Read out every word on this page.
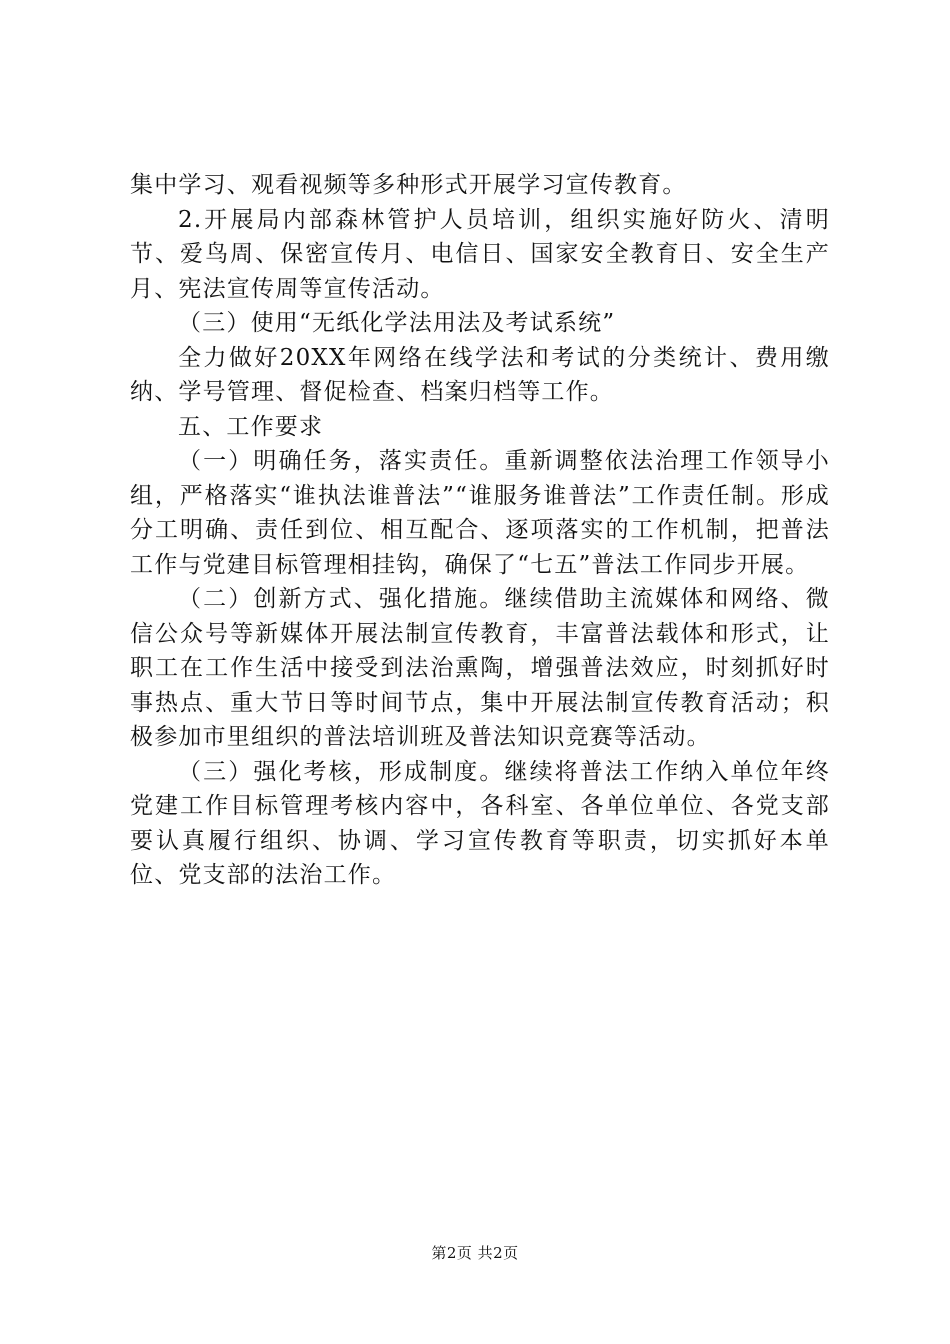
集中学习、观看视频等多种形式开展学习宣传教育。

2.开展局内部森林管护人员培训，组织实施好防火、清明节、爱鸟周、保密宣传月、电信日、国家安全教育日、安全生产月、宪法宣传周等宣传活动。

（三）使用“无纸化学法用法及考试系统”

全力做好20XX年网络在线学法和考试的分类统计、费用缴纳、学号管理、督促检查、档案归档等工作。

五、工作要求

（一）明确任务，落实责任。重新调整依法治理工作领导小组，严格落实“谁执法谁普法”“谁服务谁普法”工作责任制。形成分工明确、责任到位、相互配合、逐项落实的工作机制，把普法工作与党建目标管理相挂钩，确保了“七五”普法工作同步开展。

（二）创新方式、强化措施。继续借助主流媒体和网络、微信公众号等新媒体开展法制宣传教育，丰富普法载体和形式，让职工在工作生活中接受到法治熏陶，增强普法效应，时刻抓好时事热点、重大节日等时间节点，集中开展法制宣传教育活动；积极参加市里组织的普法培训班及普法知识竞赛等活动。

（三）强化考核，形成制度。继续将普法工作纳入单位年终党建工作目标管理考核内容中，各科室、各单位单位、各党支部要认真履行组织、协调、学习宣传教育等职责，切实抓好本单位、党支部的法治工作。

第2页 共2页
